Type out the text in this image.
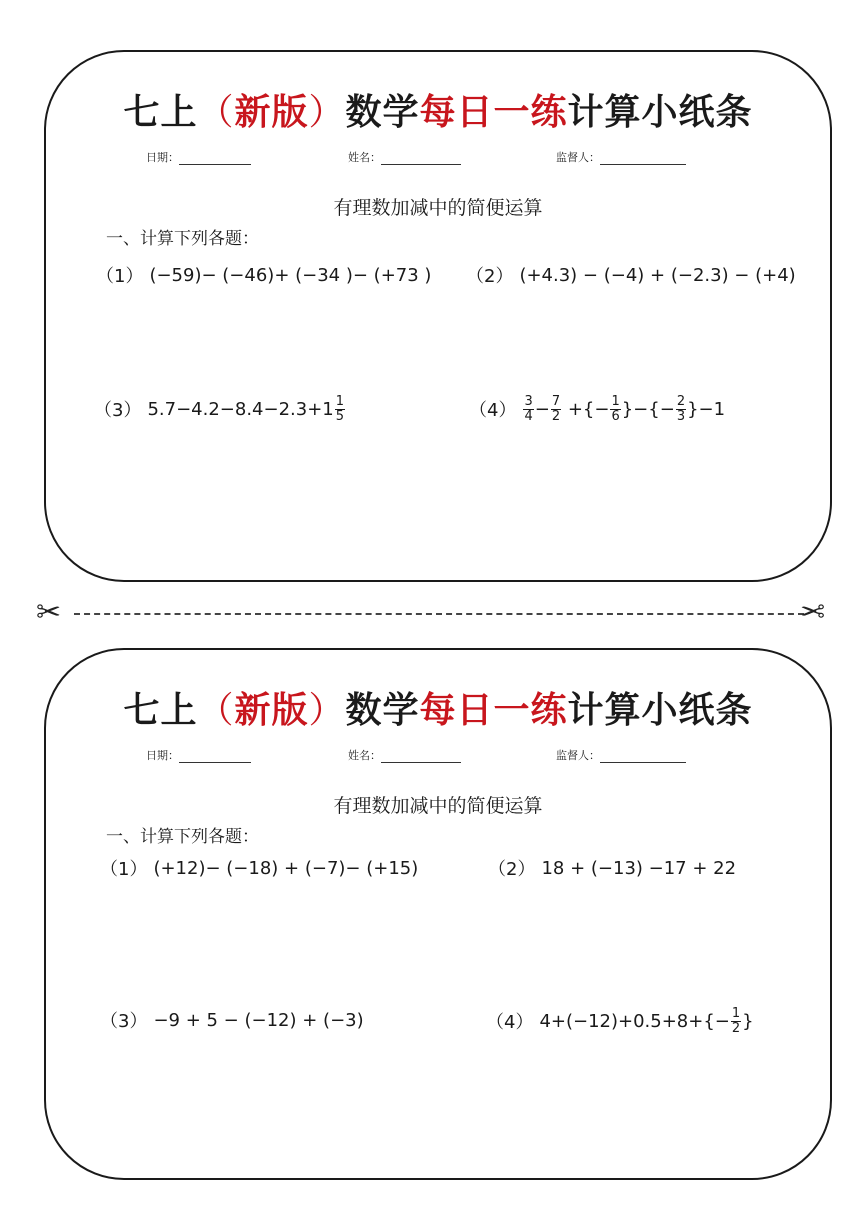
七上（新版）数学每日一练计算小纸条
日期：	姓名：	监督人：
有理数加减中的简便运算
一、计算下列各题：
（1） (−59)− (−46)+ (−34 )− (+73 ) （2） (+4.3) − (−4) + (−2.3) − (+4)
（3） $5.7-4.2-8.4-2.3+1 \frac{1}{5}$	$(4) \frac{3}{4} - \frac{7}{2}$ +{− $\frac{1}{6}$ }−{− $\frac{2}{3} \}-1$
✂	✂
七上（新版）数学每日一练计算小纸条
日期：	姓名：	监督人：
有理数加减中的简便运算
一、计算下列各题：
（1） (+12)− (−18) + (−7)− (+15)	（2） 18 + (−13) −17 + 22
（3） −9 + 5 − (−12) + (−3)	（4） $4+(-12)+0.5+8+\{- \frac{1}{2}$ }
